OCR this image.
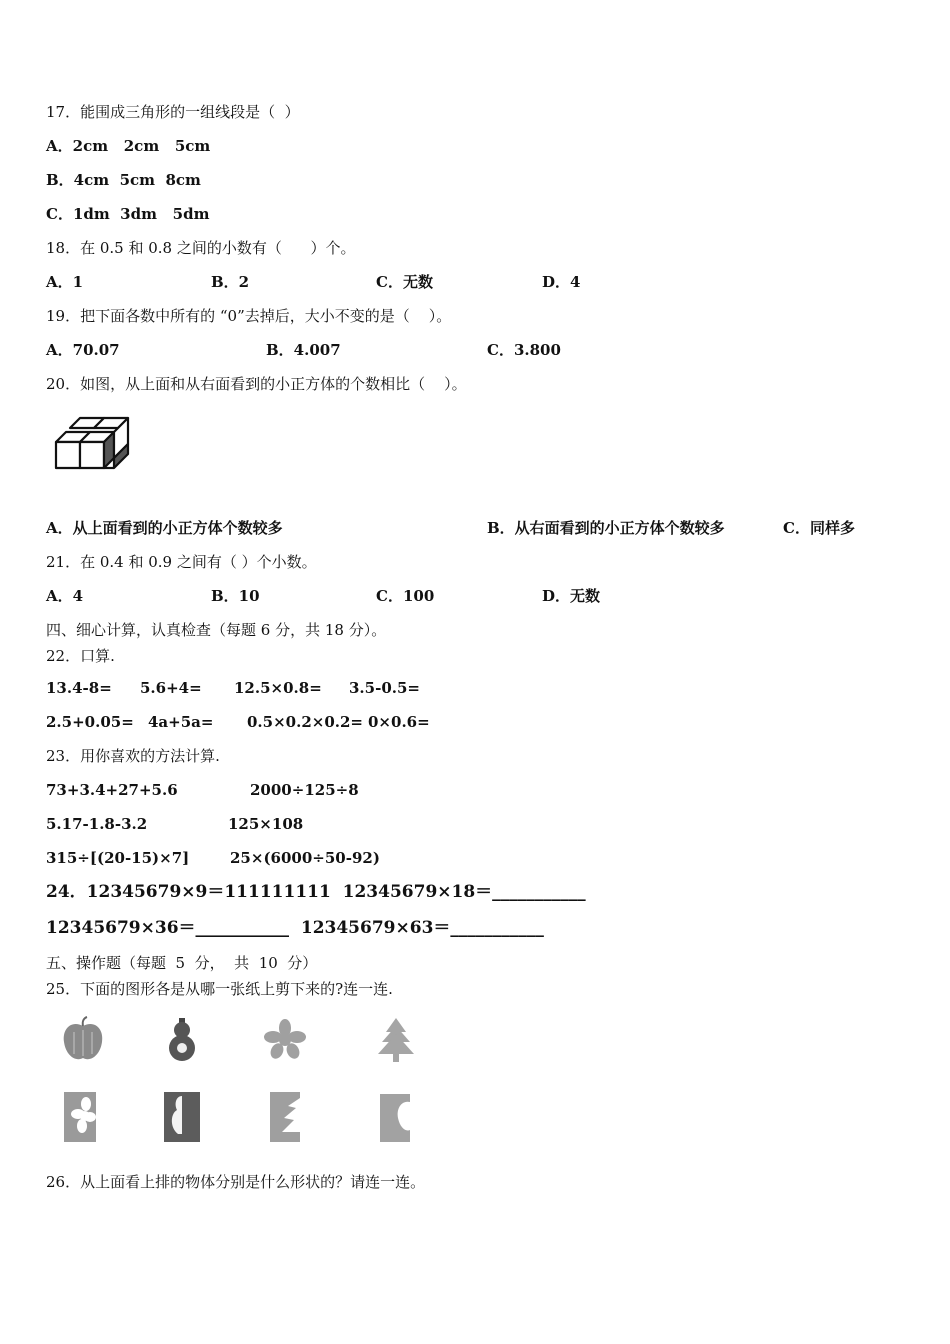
17．能围成三角形的一组线段是（  ）
A．2cm   2cm   5cm
B．4cm  5cm  8cm
C．1dm  3dm   5dm
18．在 0.5 和 0.8 之间的小数有（      ）个。
A．1	B．2	C．无数	D．4
19．把下面各数中所有的 “0”去掉后，大小不变的是（    ）。
A．70.07	B．4.007	C．3.800
20．如图，从上面和从右面看到的小正方体的个数相比（    ）。
A．从上面看到的小正方体个数较多	B．从右面看到的小正方体个数较多	C．同样多
21．在 0.4 和 0.9 之间有（ ）个小数。
A．4	B．10	C．100	D．无数
四、细心计算，认真检查（每题 6 分，共 18 分）。
22．口算.
13.4-8= 5.6+4= 12.5×0.8= 3.5-0.5=
2.5+0.05= 4a+5a= 0.5×0.2×0.2= 0×0.6=
23．用你喜欢的方法计算.
73+3.4+27+5.6	2000÷125÷8
5.17-1.8-3.2	125×108
315÷[(20-15)×7]	25×(6000÷50-92)
24．12345679×9＝111111111  12345679×18＝___________
12345679×36＝___________  12345679×63＝___________
五、操作题（每题  5  分，  共  10  分）
25．下面的图形各是从哪一张纸上剪下来的?连一连.
26．从上面看上排的物体分别是什么形状的？请连一连。
